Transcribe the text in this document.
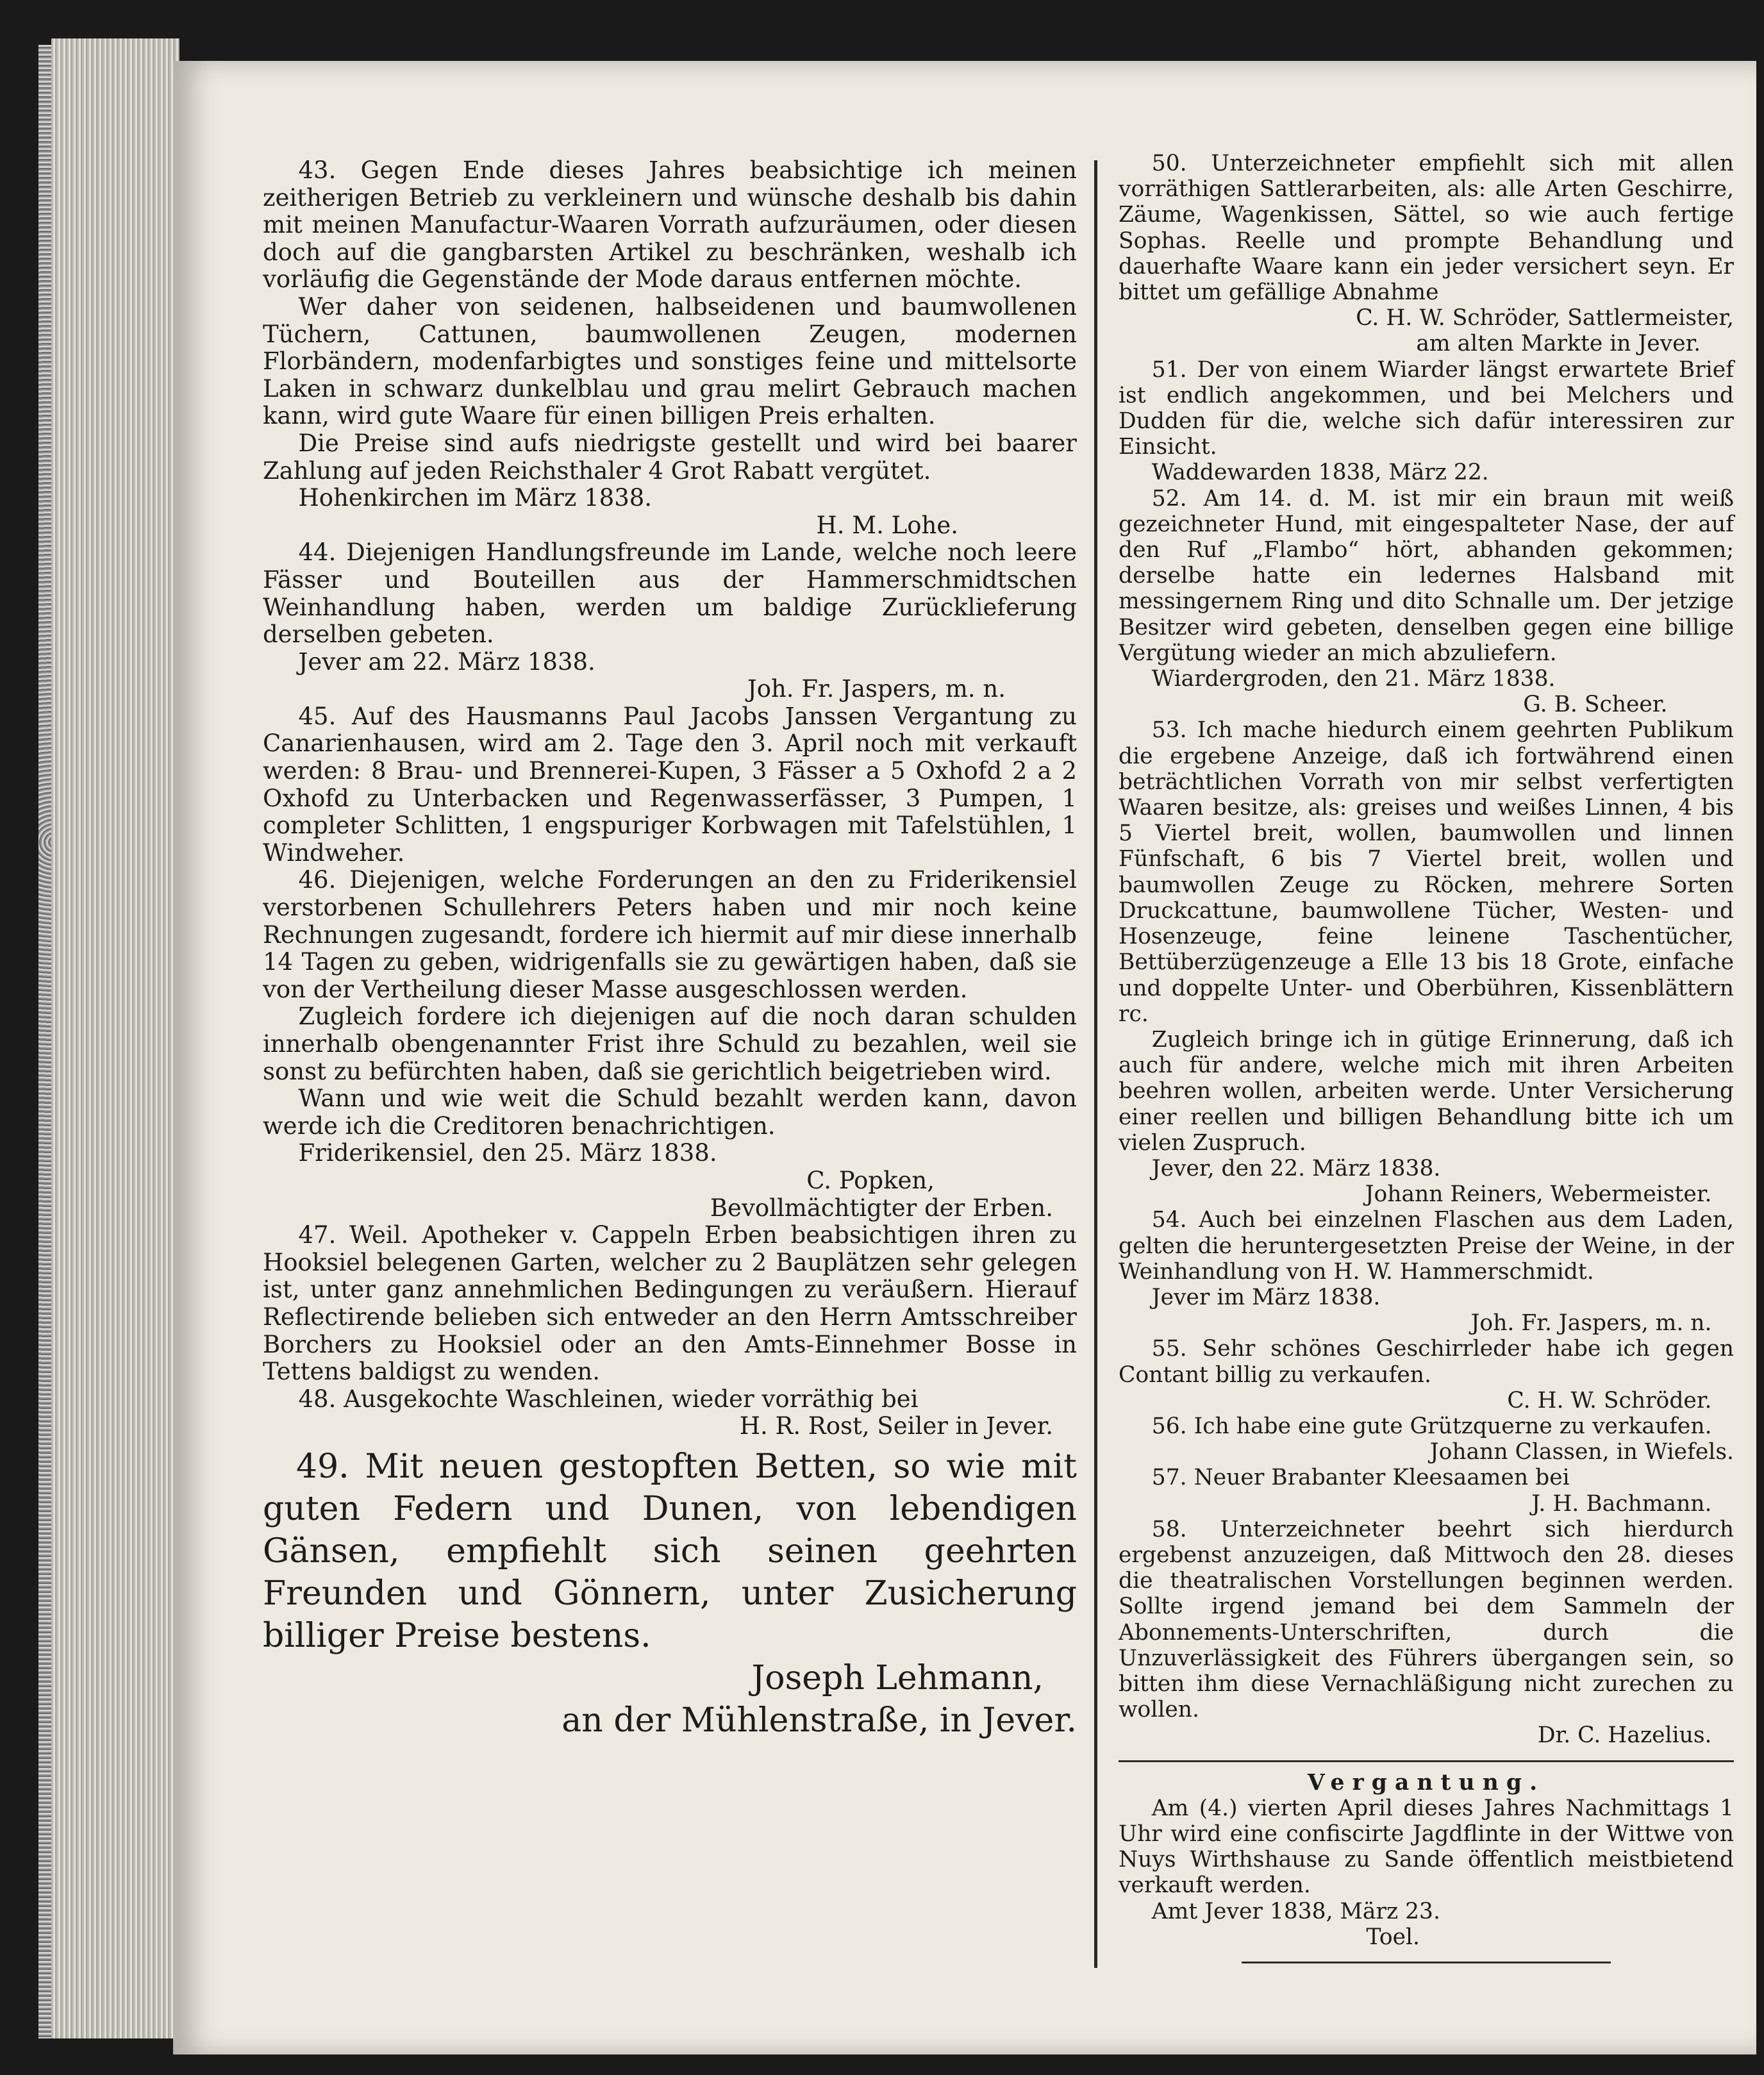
43. Gegen Ende dieses Jahres beabsichtige ich meinen zeitherigen Betrieb zu verkleinern und wünsche deshalb bis dahin mit meinen Manufactur-Waaren Vorrath aufzuräumen, oder diesen doch auf die gangbarsten Artikel zu beschränken, weshalb ich vorläufig die Gegenstände der Mode daraus entfernen möchte.

Wer daher von seidenen, halbseidenen und baumwollenen Tüchern, Cattunen, baumwollenen Zeugen, modernen Florbändern, modenfarbigtes und sonstiges feine und mittelsorte Laken in schwarz dunkelblau und grau melirt Gebrauch machen kann, wird gute Waare für einen billigen Preis erhalten.

Die Preise sind aufs niedrigste gestellt und wird bei baarer Zahlung auf jeden Reichsthaler 4 Grot Rabatt vergütet.

Hohenkirchen im März 1838.

H. M. Lohe.

44. Diejenigen Handlungsfreunde im Lande, welche noch leere Fässer und Bouteillen aus der Hammerschmidtschen Weinhandlung haben, werden um baldige Zurücklieferung derselben gebeten.

Jever am 22. März 1838.

Joh. Fr. Jaspers, m. n.

45. Auf des Hausmanns Paul Jacobs Janssen Vergantung zu Canarienhausen, wird am 2. Tage den 3. April noch mit verkauft werden: 8 Brau- und Brennerei-Kupen, 3 Fässer a 5 Oxhofd 2 a 2 Oxhofd zu Unterbacken und Regenwasserfässer, 3 Pumpen, 1 completer Schlitten, 1 engspuriger Korbwagen mit Tafelstühlen, 1 Windweher.

46. Diejenigen, welche Forderungen an den zu Friderikensiel verstorbenen Schullehrers Peters haben und mir noch keine Rechnungen zugesandt, fordere ich hiermit auf mir diese innerhalb 14 Tagen zu geben, widrigenfalls sie zu gewärtigen haben, daß sie von der Vertheilung dieser Masse ausgeschlossen werden.

Zugleich fordere ich diejenigen auf die noch daran schulden innerhalb obengenannter Frist ihre Schuld zu bezahlen, weil sie sonst zu befürchten haben, daß sie gerichtlich beigetrieben wird.

Wann und wie weit die Schuld bezahlt werden kann, davon werde ich die Creditoren benachrichtigen.

Friderikensiel, den 25. März 1838.

C. Popken,

Bevollmächtigter der Erben.

47. Weil. Apotheker v. Cappeln Erben beabsichtigen ihren zu Hooksiel belegenen Garten, welcher zu 2 Bauplätzen sehr gelegen ist, unter ganz annehmlichen Bedingungen zu veräußern. Hierauf Reflectirende belieben sich entweder an den Herrn Amtsschreiber Borchers zu Hooksiel oder an den Amts-Einnehmer Bosse in Tettens baldigst zu wenden.

48. Ausgekochte Waschleinen, wieder vorräthig bei

H. R. Rost, Seiler in Jever.

49. Mit neuen gestopften Betten, so wie mit guten Federn und Dunen, von lebendigen Gänsen, empfiehlt sich seinen geehrten Freunden und Gönnern, unter Zusicherung billiger Preise bestens.

Joseph Lehmann,

an der Mühlenstraße, in Jever.

50. Unterzeichneter empfiehlt sich mit allen vorräthigen Sattlerarbeiten, als: alle Arten Geschirre, Zäume, Wagenkissen, Sättel, so wie auch fertige Sophas. Reelle und prompte Behandlung und dauerhafte Waare kann ein jeder versichert seyn. Er bittet um gefällige Abnahme

C. H. W. Schröder, Sattlermeister,

am alten Markte in Jever.

51. Der von einem Wiarder längst erwartete Brief ist endlich angekommen, und bei Melchers und Dudden für die, welche sich dafür interessiren zur Einsicht.

Waddewarden 1838, März 22.

52. Am 14. d. M. ist mir ein braun mit weiß gezeichneter Hund, mit eingespalteter Nase, der auf den Ruf „Flambo“ hört, abhanden gekommen; derselbe hatte ein ledernes Halsband mit messingernem Ring und dito Schnalle um. Der jetzige Besitzer wird gebeten, denselben gegen eine billige Vergütung wieder an mich abzuliefern.

Wiardergroden, den 21. März 1838.

G. B. Scheer.

53. Ich mache hiedurch einem geehrten Publikum die ergebene Anzeige, daß ich fortwährend einen beträchtlichen Vorrath von mir selbst verfertigten Waaren besitze, als: greises und weißes Linnen, 4 bis 5 Viertel breit, wollen, baumwollen und linnen Fünfschaft, 6 bis 7 Viertel breit, wollen und baumwollen Zeuge zu Röcken, mehrere Sorten Druckcattune, baumwollene Tücher, Westen- und Hosenzeuge, feine leinene Taschentücher, Bettüberzügenzeuge a Elle 13 bis 18 Grote, einfache und doppelte Unter- und Oberbühren, Kissenblättern rc.

Zugleich bringe ich in gütige Erinnerung, daß ich auch für andere, welche mich mit ihren Arbeiten beehren wollen, arbeiten werde. Unter Versicherung einer reellen und billigen Behandlung bitte ich um vielen Zuspruch.

Jever, den 22. März 1838.

Johann Reiners, Webermeister.

54. Auch bei einzelnen Flaschen aus dem Laden, gelten die heruntergesetzten Preise der Weine, in der Weinhandlung von H. W. Hammerschmidt.

Jever im März 1838.

Joh. Fr. Jaspers, m. n.

55. Sehr schönes Geschirrleder habe ich gegen Contant billig zu verkaufen.

C. H. W. Schröder.

56. Ich habe eine gute Grützquerne zu verkaufen.

Johann Classen, in Wiefels.

57. Neuer Brabanter Kleesaamen bei

J. H. Bachmann.

58. Unterzeichneter beehrt sich hierdurch ergebenst anzuzeigen, daß Mittwoch den 28. dieses die theatralischen Vorstellungen beginnen werden. Sollte irgend jemand bei dem Sammeln der Abonnements-Unterschriften, durch die Unzuverlässigkeit des Führers übergangen sein, so bitten ihm diese Vernachläßigung nicht zurechen zu wollen.

Dr. C. Hazelius.

Vergantung.

Am (4.) vierten April dieses Jahres Nachmittags 1 Uhr wird eine confiscirte Jagdflinte in der Wittwe von Nuys Wirthshause zu Sande öffentlich meistbietend verkauft werden.

Amt Jever 1838, März 23.

Toel.
